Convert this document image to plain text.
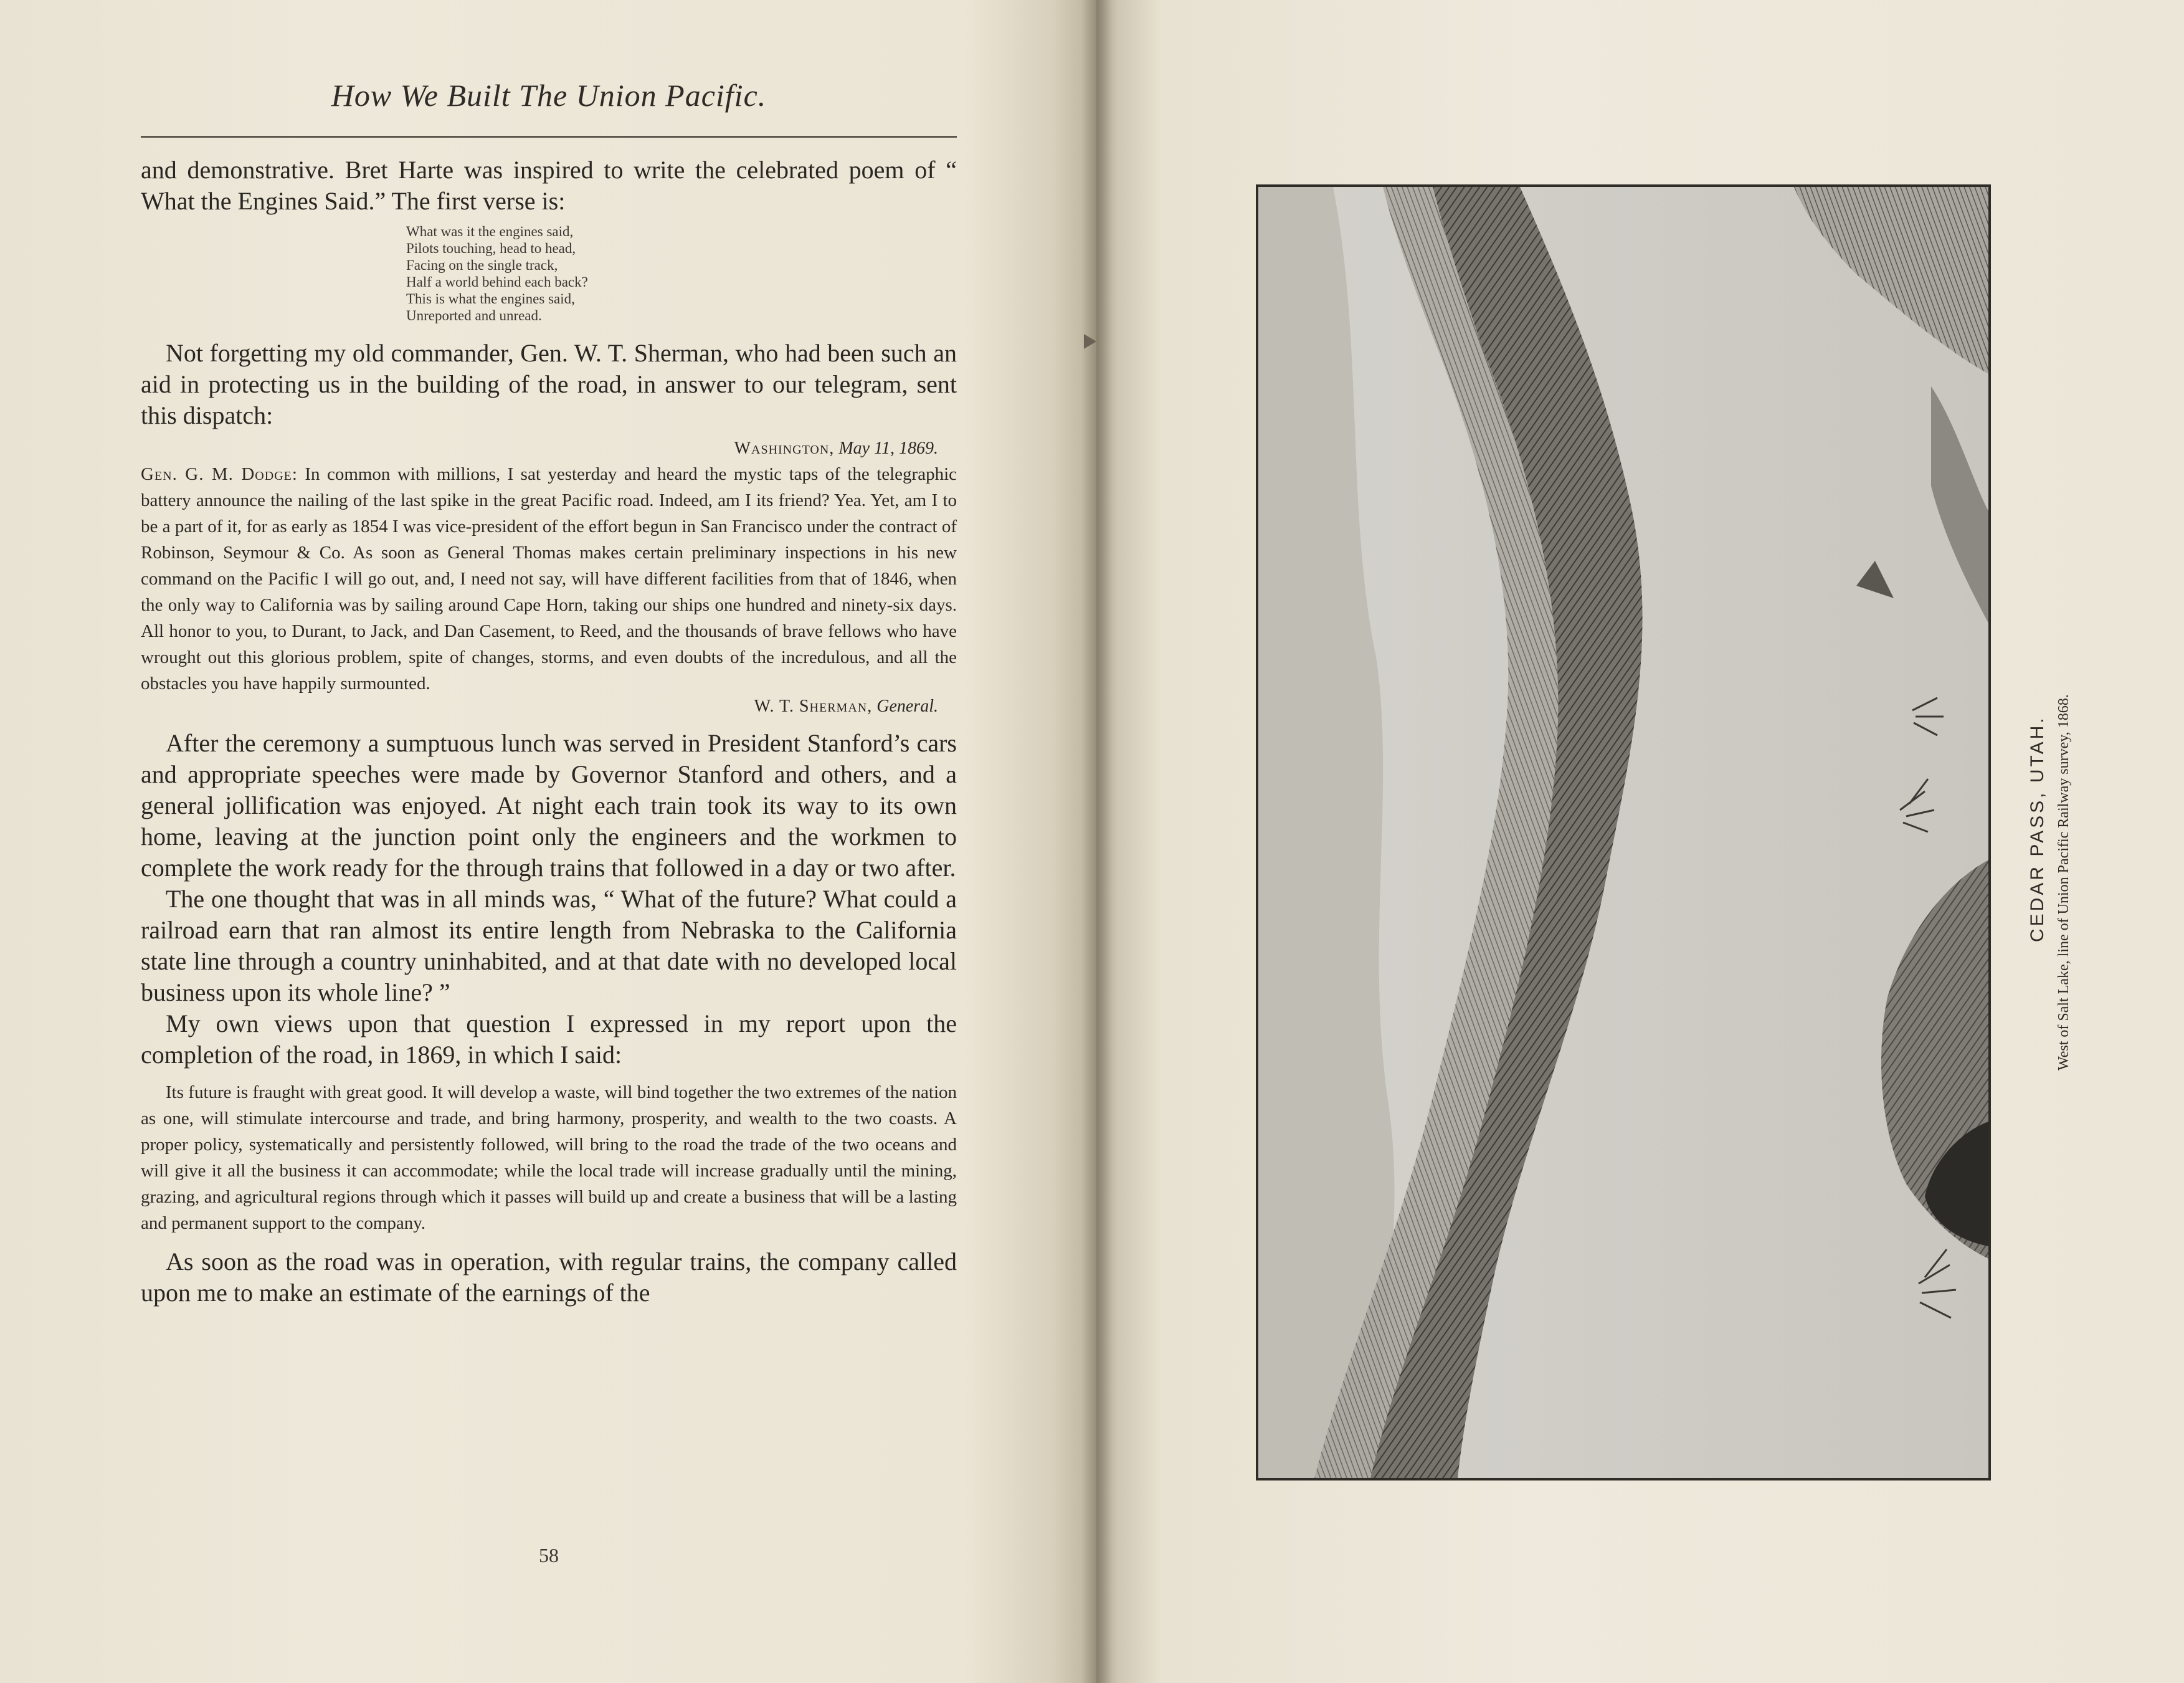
How We Built The Union Pacific.

and demonstrative. Bret Harte was inspired to write the celebrated poem of “ What the Engines Said.” The first verse is:

What was it the engines said,
Pilots touching, head to head,
Facing on the single track,
Half a world behind each back?
This is what the engines said,
Unreported and unread.

Not forgetting my old commander, Gen. W. T. Sherman, who had been such an aid in protecting us in the building of the road, in answer to our telegram, sent this dispatch:

Washington, May 11, 1869.

Gen. G. M. Dodge: In common with millions, I sat yesterday and heard the mystic taps of the telegraphic battery announce the nailing of the last spike in the great Pacific road. Indeed, am I its friend? Yea. Yet, am I to be a part of it, for as early as 1854 I was vice-president of the effort begun in San Francisco under the contract of Robinson, Seymour & Co. As soon as General Thomas makes certain preliminary inspections in his new command on the Pacific I will go out, and, I need not say, will have different facilities from that of 1846, when the only way to California was by sailing around Cape Horn, taking our ships one hundred and ninety-six days. All honor to you, to Durant, to Jack, and Dan Casement, to Reed, and the thousands of brave fellows who have wrought out this glorious problem, spite of changes, storms, and even doubts of the incredulous, and all the obstacles you have happily surmounted.

W. T. Sherman, General.

After the ceremony a sumptuous lunch was served in President Stanford’s cars and appropriate speeches were made by Governor Stanford and others, and a general jollification was enjoyed. At night each train took its way to its own home, leaving at the junction point only the engineers and the workmen to complete the work ready for the through trains that followed in a day or two after.

The one thought that was in all minds was, “ What of the future? What could a railroad earn that ran almost its entire length from Nebraska to the California state line through a country uninhabited, and at that date with no developed local business upon its whole line? ”

My own views upon that question I expressed in my report upon the completion of the road, in 1869, in which I said:

Its future is fraught with great good. It will develop a waste, will bind together the two extremes of the nation as one, will stimulate intercourse and trade, and bring harmony, prosperity, and wealth to the two coasts. A proper policy, systematically and persistently followed, will bring to the road the trade of the two oceans and will give it all the business it can accommodate; while the local trade will increase gradually until the mining, grazing, and agricultural regions through which it passes will build up and create a business that will be a lasting and permanent support to the company.

As soon as the road was in operation, with regular trains, the company called upon me to make an estimate of the earnings of the

58
CEDAR PASS, UTAH. West of Salt Lake, line of Union Pacific Railway survey, 1868.
